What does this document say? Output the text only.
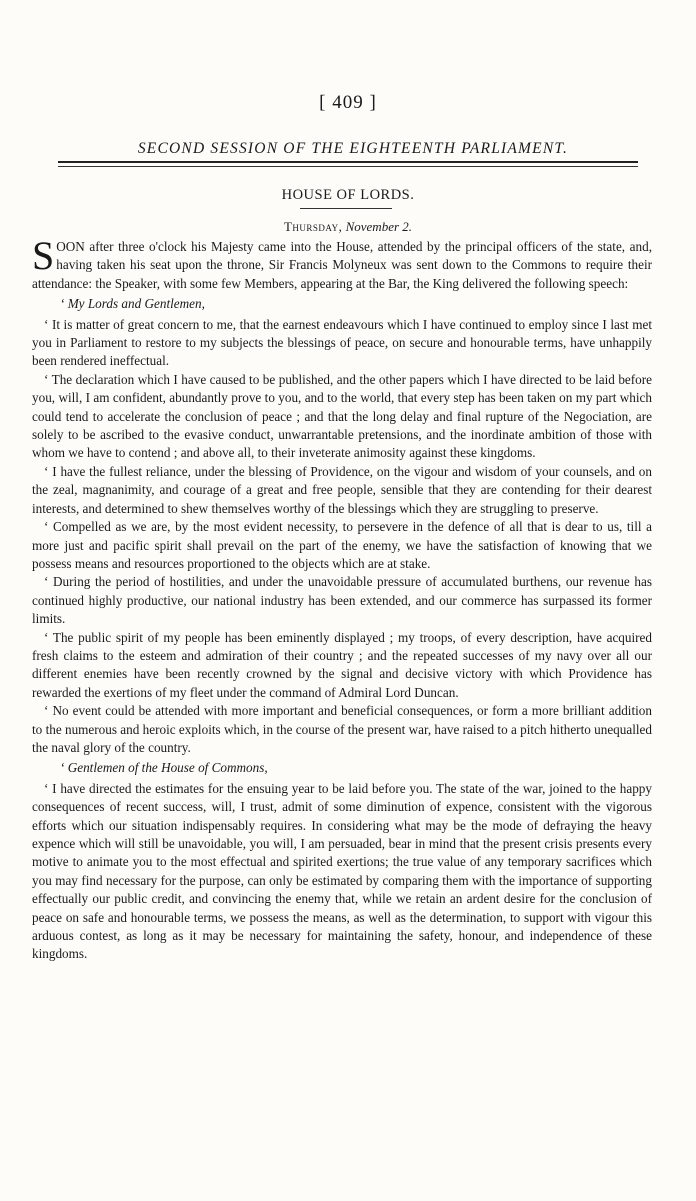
[ 409 ]
SECOND SESSION OF THE EIGHTEENTH PARLIAMENT.
HOUSE OF LORDS.
Thursday, November 2.

SOON after three o'clock his Majesty came into the House, attended by the principal officers of the state, and, having taken his seat upon the throne, Sir Francis Molyneux was sent down to the Commons to require their attendance: the Speaker, with some few Members, appearing at the Bar, the King delivered the following speech:

‘ My Lords and Gentlemen,

‘ It is matter of great concern to me, that the earnest endeavours which I have continued to employ since I last met you in Parliament to restore to my subjects the blessings of peace, on secure and honourable terms, have unhappily been rendered ineffectual.

‘ The declaration which I have caused to be published, and the other papers which I have directed to be laid before you, will, I am confident, abundantly prove to you, and to the world, that every step has been taken on my part which could tend to accelerate the conclusion of peace ; and that the long delay and final rupture of the Negociation, are solely to be ascribed to the evasive conduct, unwarrantable pretensions, and the inordinate ambition of those with whom we have to contend ; and above all, to their inveterate animosity against these kingdoms.

‘ I have the fullest reliance, under the blessing of Providence, on the vigour and wisdom of your counsels, and on the zeal, magnanimity, and courage of a great and free people, sensible that they are contending for their dearest interests, and determined to shew themselves worthy of the blessings which they are struggling to preserve.

‘ Compelled as we are, by the most evident necessity, to persevere in the defence of all that is dear to us, till a more just and pacific spirit shall prevail on the part of the enemy, we have the satisfaction of knowing that we possess means and resources proportioned to the objects which are at stake.

‘ During the period of hostilities, and under the unavoidable pressure of accumulated burthens, our revenue has continued highly productive, our national industry has been extended, and our commerce has surpassed its former limits.

‘ The public spirit of my people has been eminently displayed ; my troops, of every description, have acquired fresh claims to the esteem and admiration of their country ; and the repeated successes of my navy over all our different enemies have been recently crowned by the signal and decisive victory with which Providence has rewarded the exertions of my fleet under the command of Admiral Lord Duncan.

‘ No event could be attended with more important and beneficial consequences, or form a more brilliant addition to the numerous and heroic exploits which, in the course of the present war, have raised to a pitch hitherto unequalled the naval glory of the country.

‘ Gentlemen of the House of Commons,

‘ I have directed the estimates for the ensuing year to be laid before you. The state of the war, joined to the happy consequences of recent success, will, I trust, admit of some diminution of expence, consistent with the vigorous efforts which our situation indispensably requires. In considering what may be the mode of defraying the heavy expence which will still be unavoidable, you will, I am persuaded, bear in mind that the present crisis presents every motive to animate you to the most effectual and spirited exertions; the true value of any temporary sacrifices which you may find necessary for the purpose, can only be estimated by comparing them with the importance of supporting effectually our public credit, and convincing the enemy that, while we retain an ardent desire for the conclusion of peace on safe and honourable terms, we possess the means, as well as the determination, to support with vigour this arduous contest, as long as it may be necessary for maintaining the safety, honour, and independence of these kingdoms.
